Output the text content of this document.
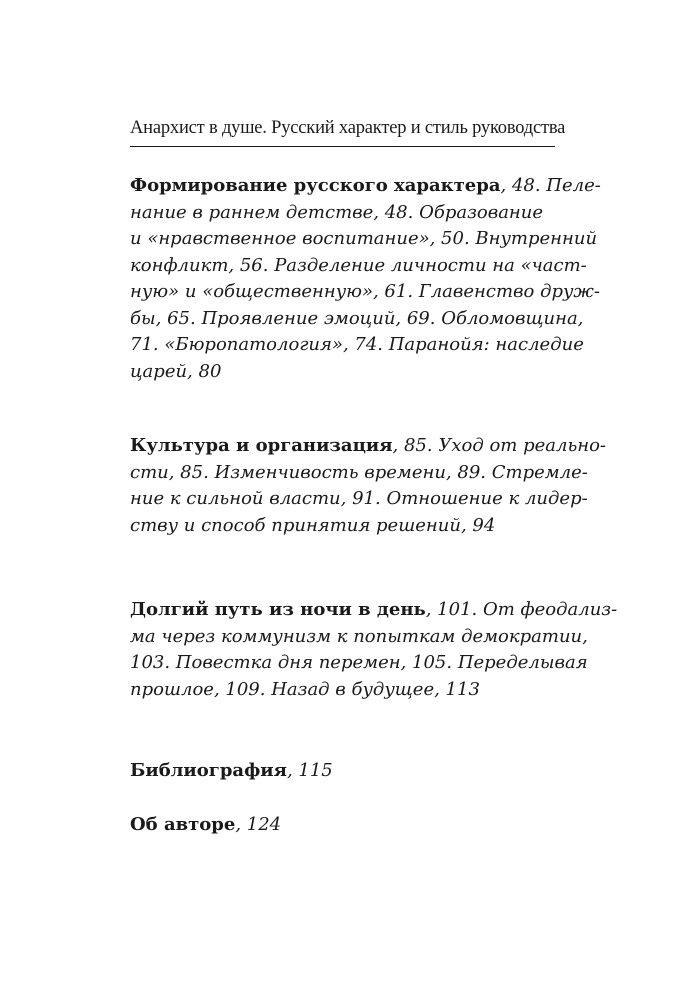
Анархист в душе. Русский характер и стиль руководства
Формирование русского характера, 48. Пеле-
нание в раннем детстве, 48. Образование
и «нравственное воспитание», 50. Внутренний
конфликт, 56. Разделение личности на «част-
ную» и «общественную», 61. Главенство друж-
бы, 65. Проявление эмоций, 69. Обломовщина,
71. «Бюропатология», 74. Паранойя: наследие
царей, 80
Культура и организация, 85. Уход от реально-
сти, 85. Изменчивость времени, 89. Стремле-
ние к сильной власти, 91. Отношение к лидер-
ству и способ принятия решений, 94
Долгий путь из ночи в день, 101. От феодализ-
ма через коммунизм к попыткам демократии,
103. Повестка дня перемен, 105. Переделывая
прошлое, 109. Назад в будущее, 113
Библиография, 115
Об авторе, 124
